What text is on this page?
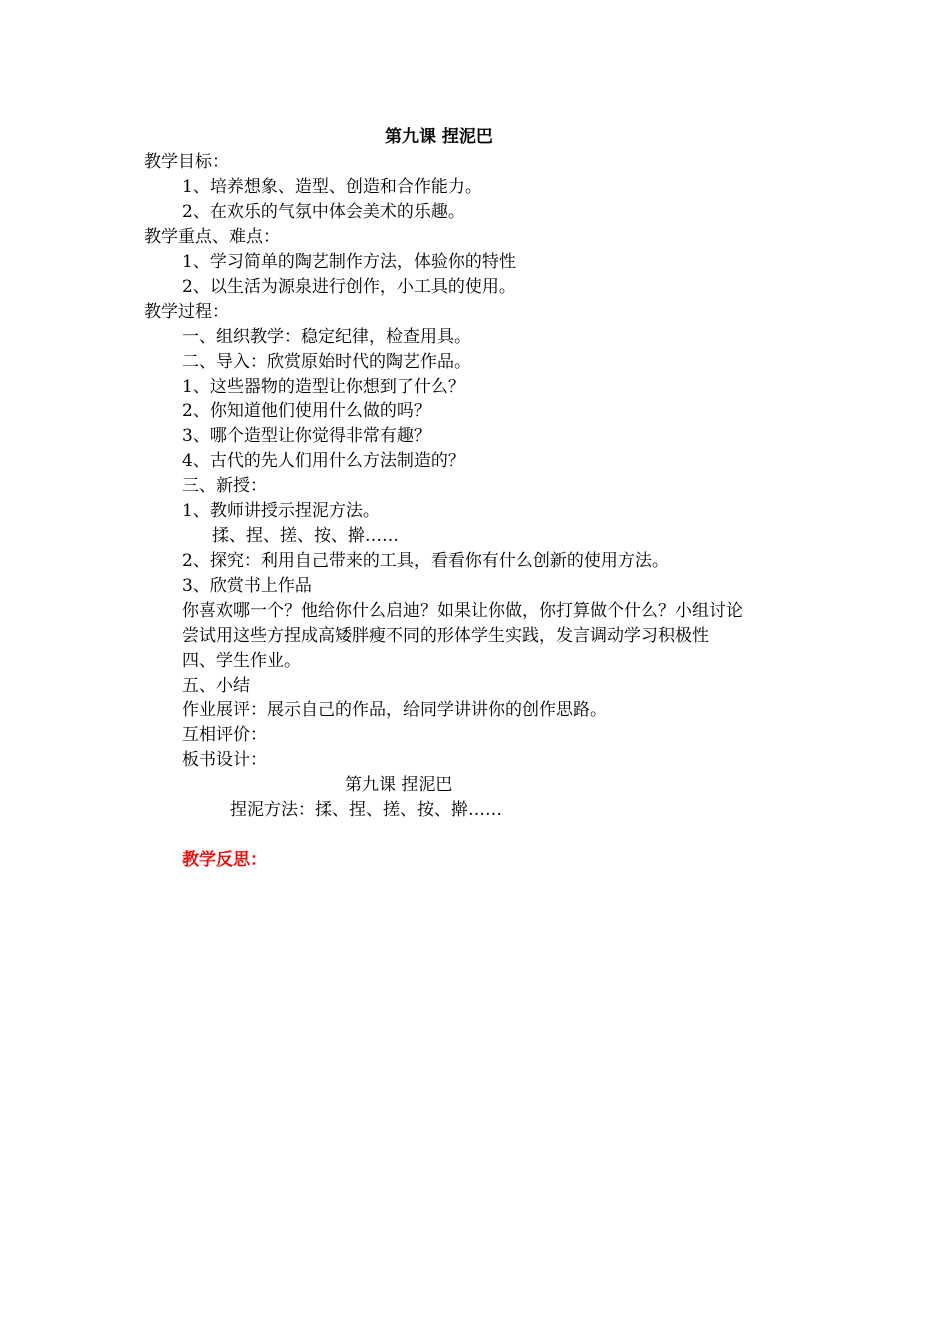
第九课 捏泥巴
教学目标：
1、培养想象、造型、创造和合作能力。
2、在欢乐的气氛中体会美术的乐趣。
教学重点、难点：
1、学习简单的陶艺制作方法，体验你的特性
2、以生活为源泉进行创作，小工具的使用。
教学过程：
一、组织教学：稳定纪律，检查用具。
二、导入：欣赏原始时代的陶艺作品。
1、这些器物的造型让你想到了什么？
2、你知道他们使用什么做的吗？
3、哪个造型让你觉得非常有趣？
4、古代的先人们用什么方法制造的？
三、新授：
1、教师讲授示捏泥方法。
揉、捏、搓、按、擀……
2、探究：利用自己带来的工具，看看你有什么创新的使用方法。
3、欣赏书上作品
你喜欢哪一个？他给你什么启迪？如果让你做，你打算做个什么？小组讨论
尝试用这些方捏成高矮胖瘦不同的形体学生实践，发言调动学习积极性
四、学生作业。
五、小结
作业展评：展示自己的作品，给同学讲讲你的创作思路。
互相评价：
板书设计：
第九课 捏泥巴
捏泥方法：揉、捏、搓、按、擀……
教学反思：
